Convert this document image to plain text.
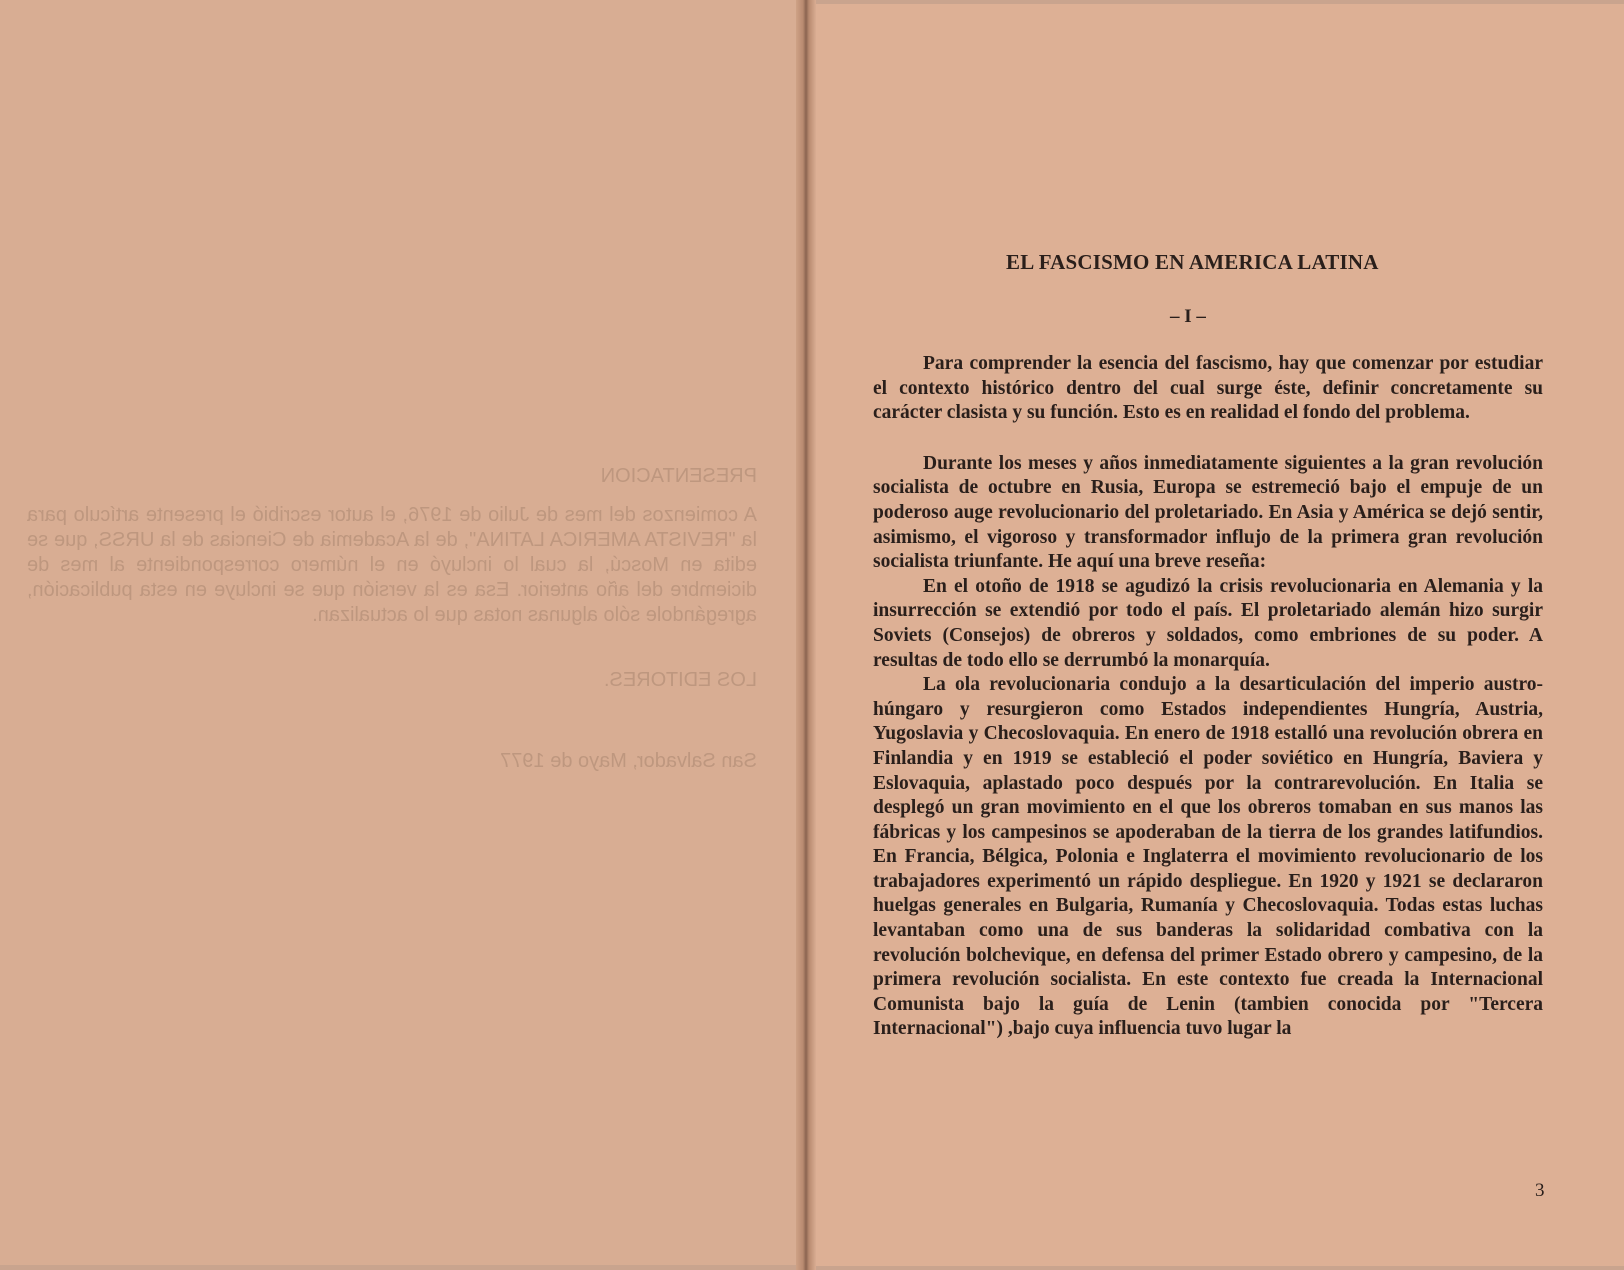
PRESENTACION

A comienzos del mes de Julio de 1976, el autor escribió el presente artículo para la "REVISTA AMERICA LATINA", de la Academia de Ciencias de la URSS, que se edita en Moscú, la cual lo incluyó en el número correspondiente al mes de diciembre del año anterior. Esa es la versión que se incluye en esta publicación, agregándole sólo algunas notas que lo actualizan.

LOS EDITORES.

San Salvador, Mayo de 1977

EL FASCISMO EN AMERICA LATINA
– I –

Para comprender la esencia del fascismo, hay que comenzar por estudiar el contexto histórico dentro del cual surge éste, definir concretamente su carácter clasista y su función. Esto es en realidad el fondo del problema.

Durante los meses y años inmediatamente siguientes a la gran revolución socialista de octubre en Rusia, Europa se estremeció bajo el empuje de un poderoso auge revolucionario del proletariado. En Asia y América se dejó sentir, asimismo, el vigoroso y transformador influjo de la primera gran revolución socialista triunfante. He aquí una breve reseña:

En el otoño de 1918 se agudizó la crisis revolucionaria en Alemania y la insurrección se extendió por todo el país. El proletariado alemán hizo surgir Soviets (Consejos) de obreros y soldados, como embriones de su poder. A resultas de todo ello se derrumbó la monarquía.

La ola revolucionaria condujo a la desarticulación del imperio austro-húngaro y resurgieron como Estados independientes Hungría, Austria, Yugoslavia y Checoslovaquia. En enero de 1918 estalló una revolución obrera en Finlandia y en 1919 se estableció el poder soviético en Hungría, Baviera y Eslovaquia, aplastado poco después por la contrarevolución. En Italia se desplegó un gran movimiento en el que los obreros tomaban en sus manos las fábricas y los campesinos se apoderaban de la tierra de los grandes latifundios. En Francia, Bélgica, Polonia e Inglaterra el movimiento revolucionario de los trabajadores experimentó un rápido despliegue. En 1920 y 1921 se declararon huelgas generales en Bulgaria, Rumanía y Checoslovaquia. Todas estas luchas levantaban como una de sus banderas la solidaridad combativa con la revolución bolchevique, en defensa del primer Estado obrero y campesino, de la primera revolución socialista. En este contexto fue creada la Internacional Comunista bajo la guía de Lenin (tambien conocida por "Tercera Internacional") ,bajo cuya influencia tuvo lugar la

3
